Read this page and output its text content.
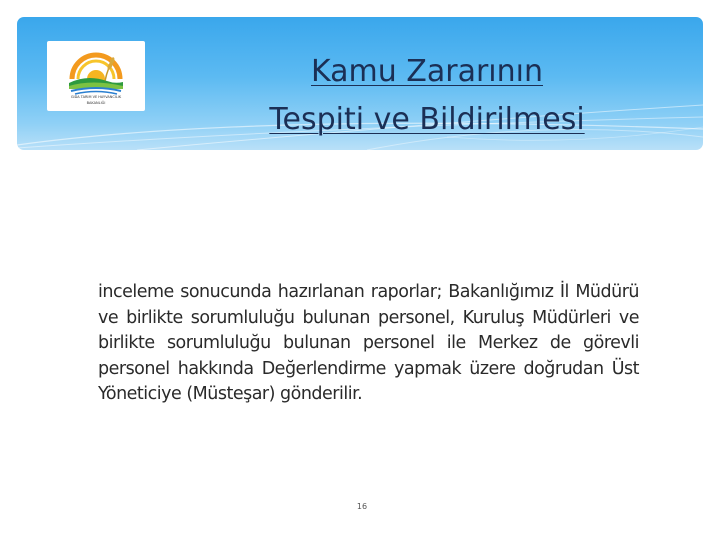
GIDA TARIM VE HAYVANCILIK
BAKANLIĞI
Kamu Zararının
Tespiti ve Bildirilmesi
inceleme sonucunda hazırlanan raporlar; Bakanlığımız İl Müdürü ve birlikte sorumluluğu bulunan personel, Kuruluş Müdürleri ve birlikte sorumluluğu bulunan personel ile Merkez de görevli personel hakkında Değerlendirme yapmak üzere doğrudan Üst Yöneticiye (Müsteşar) gönderilir.
16
